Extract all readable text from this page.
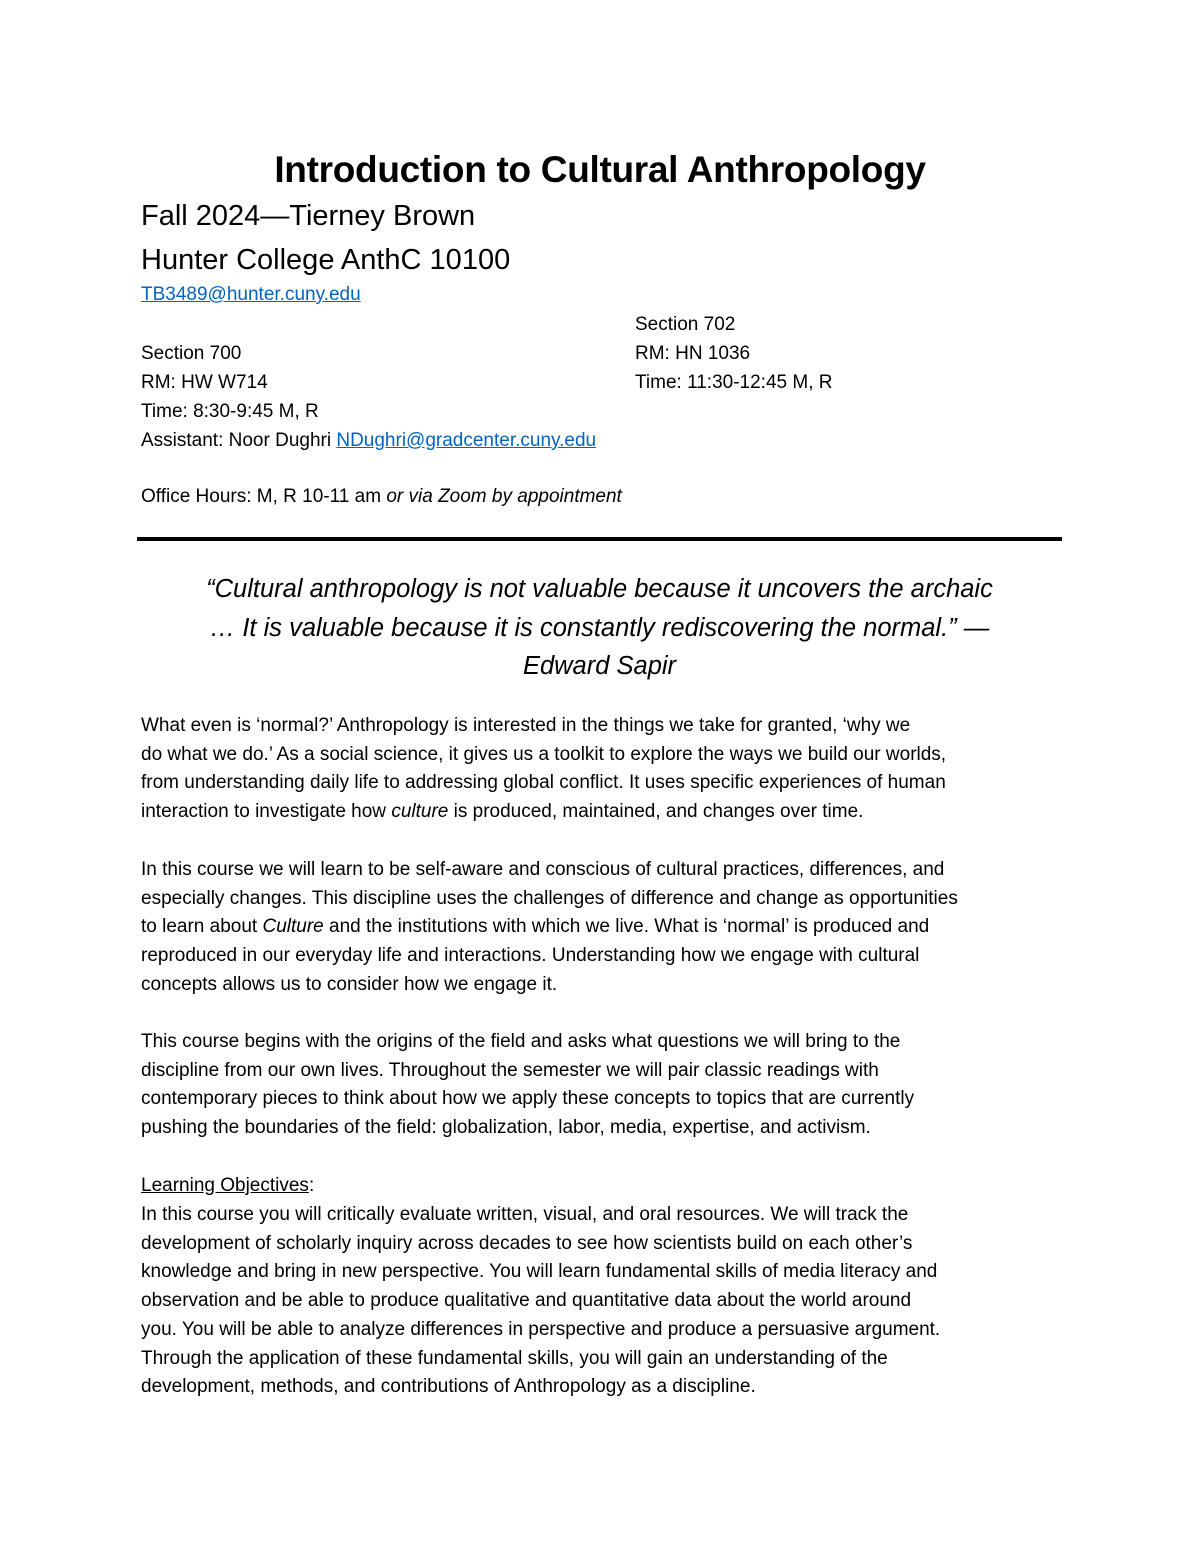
Introduction to Cultural Anthropology
Fall 2024—Tierney Brown
Hunter College AnthC 10100
TB3489@hunter.cuny.edu
Section 702
RM: HN 1036
Time: 11:30-12:45 M, R
Section 700
RM: HW W714
Time: 8:30-9:45 M, R
Assistant: Noor Dughri NDughri@gradcenter.cuny.edu
Office Hours: M, R 10-11 am or via Zoom by appointment
“Cultural anthropology is not valuable because it uncovers the archaic
… It is valuable because it is constantly rediscovering the normal.” —
Edward Sapir
What even is ‘normal?’ Anthropology is interested in the things we take for granted, ‘why we
do what we do.’ As a social science, it gives us a toolkit to explore the ways we build our worlds,
from understanding daily life to addressing global conflict. It uses specific experiences of human
interaction to investigate how culture is produced, maintained, and changes over time.
In this course we will learn to be self-aware and conscious of cultural practices, differences, and
especially changes. This discipline uses the challenges of difference and change as opportunities
to learn about Culture and the institutions with which we live. What is ‘normal’ is produced and
reproduced in our everyday life and interactions. Understanding how we engage with cultural
concepts allows us to consider how we engage it.
This course begins with the origins of the field and asks what questions we will bring to the
discipline from our own lives. Throughout the semester we will pair classic readings with
contemporary pieces to think about how we apply these concepts to topics that are currently
pushing the boundaries of the field: globalization, labor, media, expertise, and activism.
Learning Objectives:
In this course you will critically evaluate written, visual, and oral resources. We will track the
development of scholarly inquiry across decades to see how scientists build on each other’s
knowledge and bring in new perspective. You will learn fundamental skills of media literacy and
observation and be able to produce qualitative and quantitative data about the world around
you. You will be able to analyze differences in perspective and produce a persuasive argument.
Through the application of these fundamental skills, you will gain an understanding of the
development, methods, and contributions of Anthropology as a discipline.
